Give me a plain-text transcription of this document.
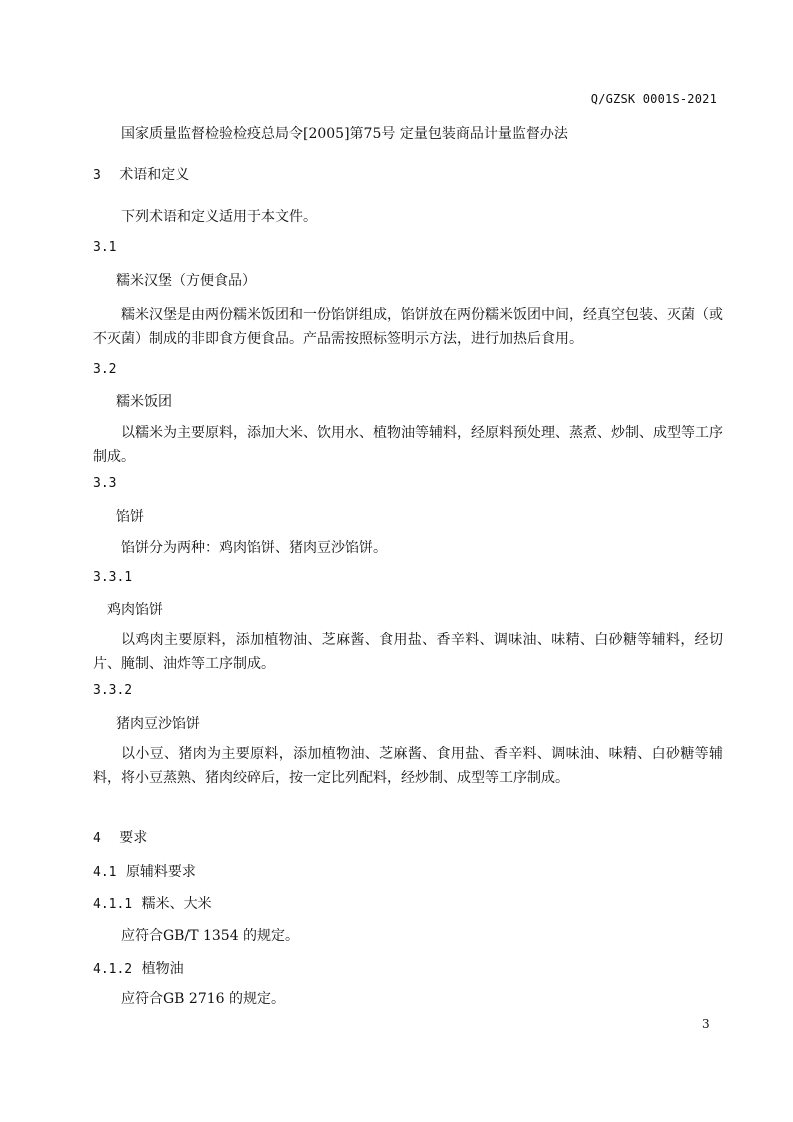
Q/GZSK 0001S-2021
国家质量监督检验检疫总局令[2005]第75号 定量包装商品计量监督办法
3 术语和定义
下列术语和定义适用于本文件。
3.1
糯米汉堡（方便食品）
糯米汉堡是由两份糯米饭团和一份馅饼组成，馅饼放在两份糯米饭团中间，经真空包装、灭菌（或不灭菌）制成的非即食方便食品。产品需按照标签明示方法，进行加热后食用。
3.2
糯米饭团
以糯米为主要原料，添加大米、饮用水、植物油等辅料，经原料预处理、蒸煮、炒制、成型等工序制成。
3.3
馅饼
馅饼分为两种：鸡肉馅饼、猪肉豆沙馅饼。
3.3.1
鸡肉馅饼
以鸡肉主要原料，添加植物油、芝麻酱、食用盐、香辛料、调味油、味精、白砂糖等辅料，经切片、腌制、油炸等工序制成。
3.3.2
猪肉豆沙馅饼
以小豆、猪肉为主要原料，添加植物油、芝麻酱、食用盐、香辛料、调味油、味精、白砂糖等辅料，将小豆蒸熟、猪肉绞碎后，按一定比列配料，经炒制、成型等工序制成。
4 要求
4.1 原辅料要求
4.1.1 糯米、大米
应符合GB/T 1354 的规定。
4.1.2 植物油
应符合GB 2716 的规定。
3
